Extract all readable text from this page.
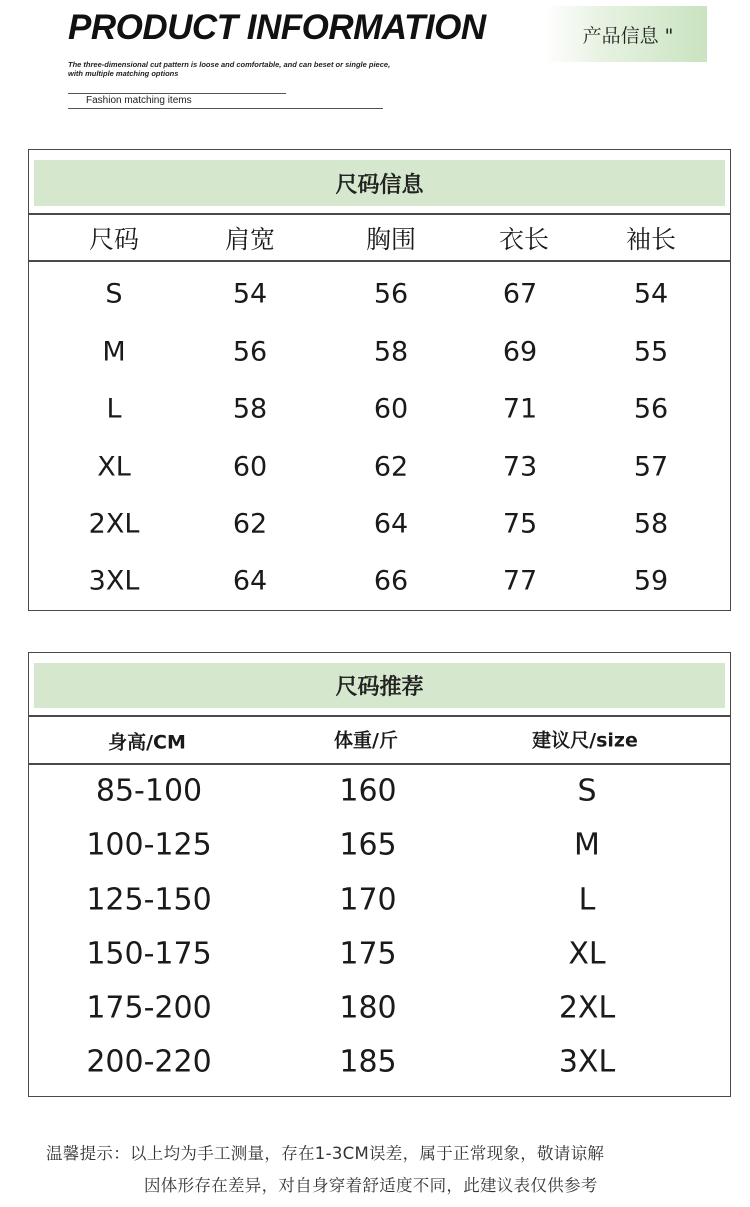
PRODUCT INFORMATION
The three-dimensional cut pattern is loose and comfortable, and can beset or single piece, with multiple matching options
Fashion matching items
产品信息 "
尺码信息
尺码	肩宽	胸围	衣长	袖长
S	54	56	67	54
M	56	58	69	55
L	58	60	71	56
XL	60	62	73	57
2XL	62	64	75	58
3XL	64	66	77	59
尺码推荐
身高/CM	体重/斤	建议尺/size
85-100	160	S
100-125	165	M
125-150	170	L
150-175	175	XL
175-200	180	2XL
200-220	185	3XL
温馨提示：以上均为手工测量，存在1-3CM误差，属于正常现象，敬请谅解
因体形存在差异，对自身穿着舒适度不同，此建议表仅供参考
